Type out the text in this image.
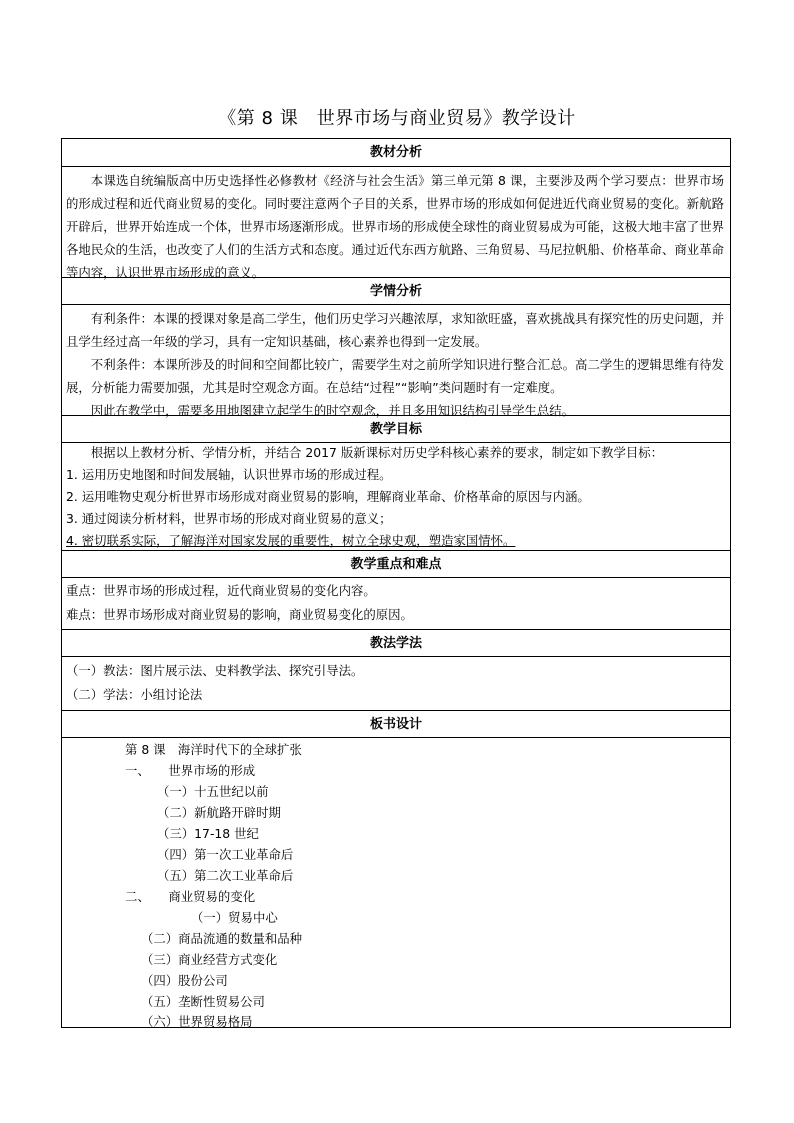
《第 8 课　世界市场与商业贸易》教学设计
教材分析

本课选自统编版高中历史选择性必修教材《经济与社会生活》第三单元第 8 课，主要涉及两个学习要点：世界市场的形成过程和近代商业贸易的变化。同时要注意两个子目的关系，世界市场的形成如何促进近代商业贸易的变化。新航路开辟后，世界开始连成一个体，世界市场逐渐形成。世界市场的形成使全球性的商业贸易成为可能，这极大地丰富了世界各地民众的生活，也改变了人们的生活方式和态度。通过近代东西方航路、三角贸易、马尼拉帆船、价格革命、商业革命等内容，认识世界市场形成的意义。

学情分析

有利条件：本课的授课对象是高二学生，他们历史学习兴趣浓厚，求知欲旺盛，喜欢挑战具有探究性的历史问题，并且学生经过高一年级的学习，具有一定知识基础，核心素养也得到一定发展。

不利条件：本课所涉及的时间和空间都比较广，需要学生对之前所学知识进行整合汇总。高二学生的逻辑思维有待发展，分析能力需要加强，尤其是时空观念方面。在总结“过程”“影响”类问题时有一定难度。

因此在教学中，需要多用地图建立起学生的时空观念，并且多用知识结构引导学生总结。

教学目标

根据以上教材分析、学情分析，并结合 2017 版新课标对历史学科核心素养的要求，制定如下教学目标：

1. 运用历史地图和时间发展轴，认识世界市场的形成过程。

2. 运用唯物史观分析世界市场形成对商业贸易的影响，理解商业革命、价格革命的原因与内涵。

3. 通过阅读分析材料，世界市场的形成对商业贸易的意义；

4. 密切联系实际，了解海洋对国家发展的重要性，树立全球史观，塑造家国情怀。

教学重点和难点

重点：世界市场的形成过程，近代商业贸易的变化内容。

难点：世界市场形成对商业贸易的影响，商业贸易变化的原因。

教法学法

（一）教法：图片展示法、史料教学法、探究引导法。

（二）学法：小组讨论法

板书设计
第 8 课　海洋时代下的全球扩张
一、　　世界市场的形成
（一）十五世纪以前
（二）新航路开辟时期
（三）17-18 世纪
（四）第一次工业革命后
（五）第二次工业革命后
二、　　商业贸易的变化
（一）贸易中心
（二）商品流通的数量和品种
（三）商业经营方式变化
（四）股份公司
（五）垄断性贸易公司
（六）世界贸易格局
